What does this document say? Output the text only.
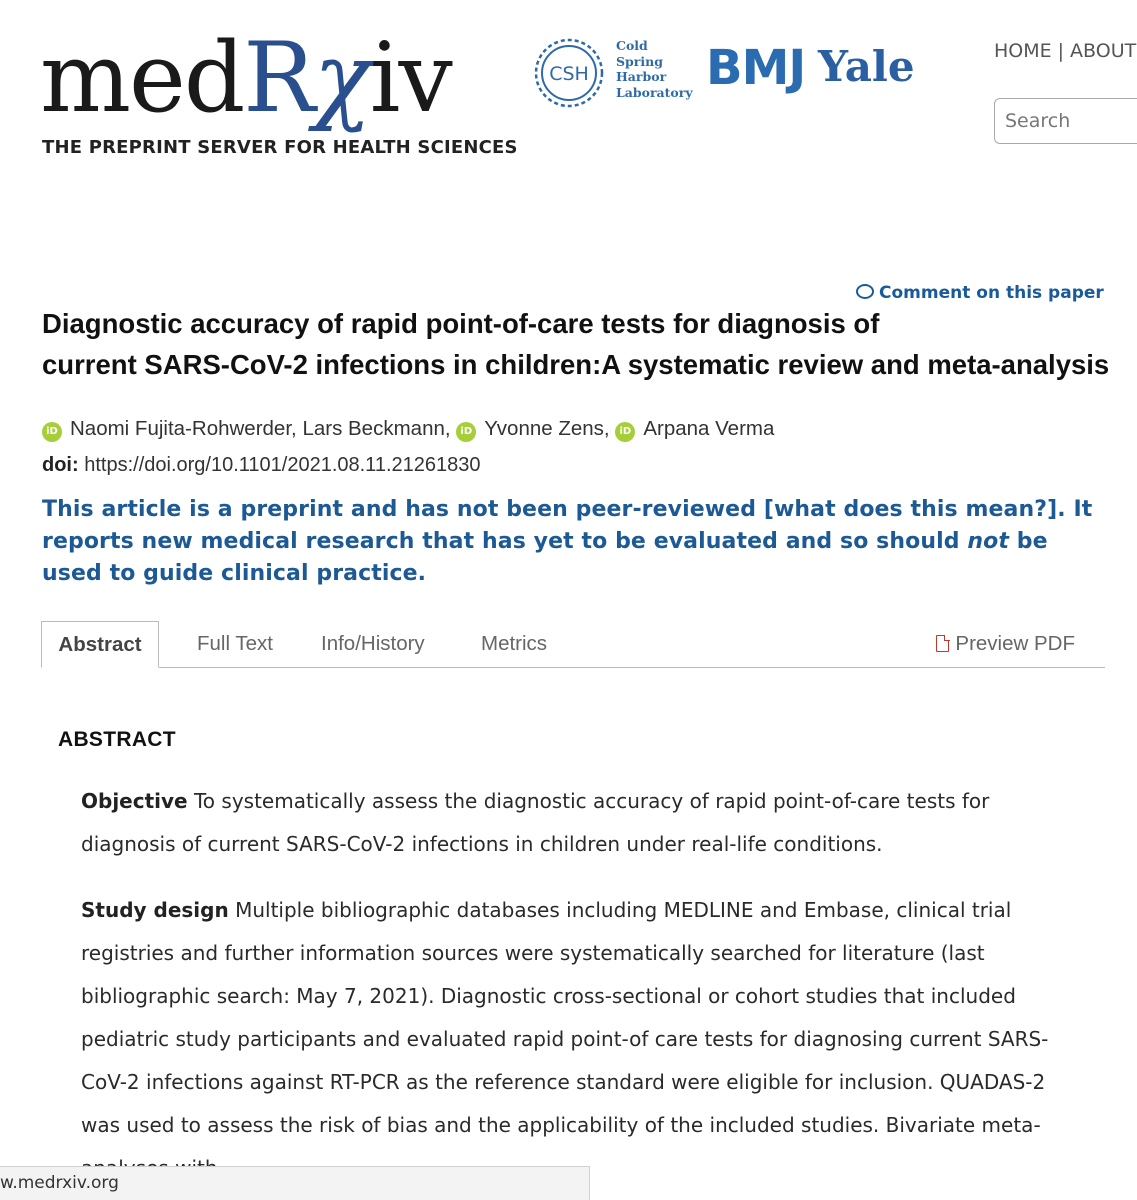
medRχiv
THE PREPRINT SERVER FOR HEALTH SCIENCES
CSH
Cold
Spring
Harbor
Laboratory BMJ Yale	HOME | ABOUT
Search
Comment on this paper
Diagnostic accuracy of rapid point-of-care tests for diagnosis of
current SARS-CoV-2 infections in children:A systematic review and meta-analysis
iD Naomi Fujita-Rohwerder, Lars Beckmann, iD Yvonne Zens, iD Arpana Verma
doi: https://doi.org/10.1101/2021.08.11.21261830
This article is a preprint and has not been peer-reviewed [what does this mean?]. It reports new medical research that has yet to be evaluated and so should not be used to guide clinical practice.
Abstract	Full Text Info/History	Metrics	Preview PDF
ABSTRACT

Objective To systematically assess the diagnostic accuracy of rapid point-of-care tests for diagnosis of current SARS-CoV-2 infections in children under real-life conditions.

Study design Multiple bibliographic databases including MEDLINE and Embase, clinical trial registries and further information sources were systematically searched for literature (last bibliographic search: May 7, 2021). Diagnostic cross-sectional or cohort studies that included pediatric study participants and evaluated rapid point-of care tests for diagnosing current SARS-CoV-2 infections against RT-PCR as the reference standard were eligible for inclusion. QUADAS-2 was used to assess the risk of bias and the applicability of the included studies. Bivariate meta-

w.medrxiv.org
